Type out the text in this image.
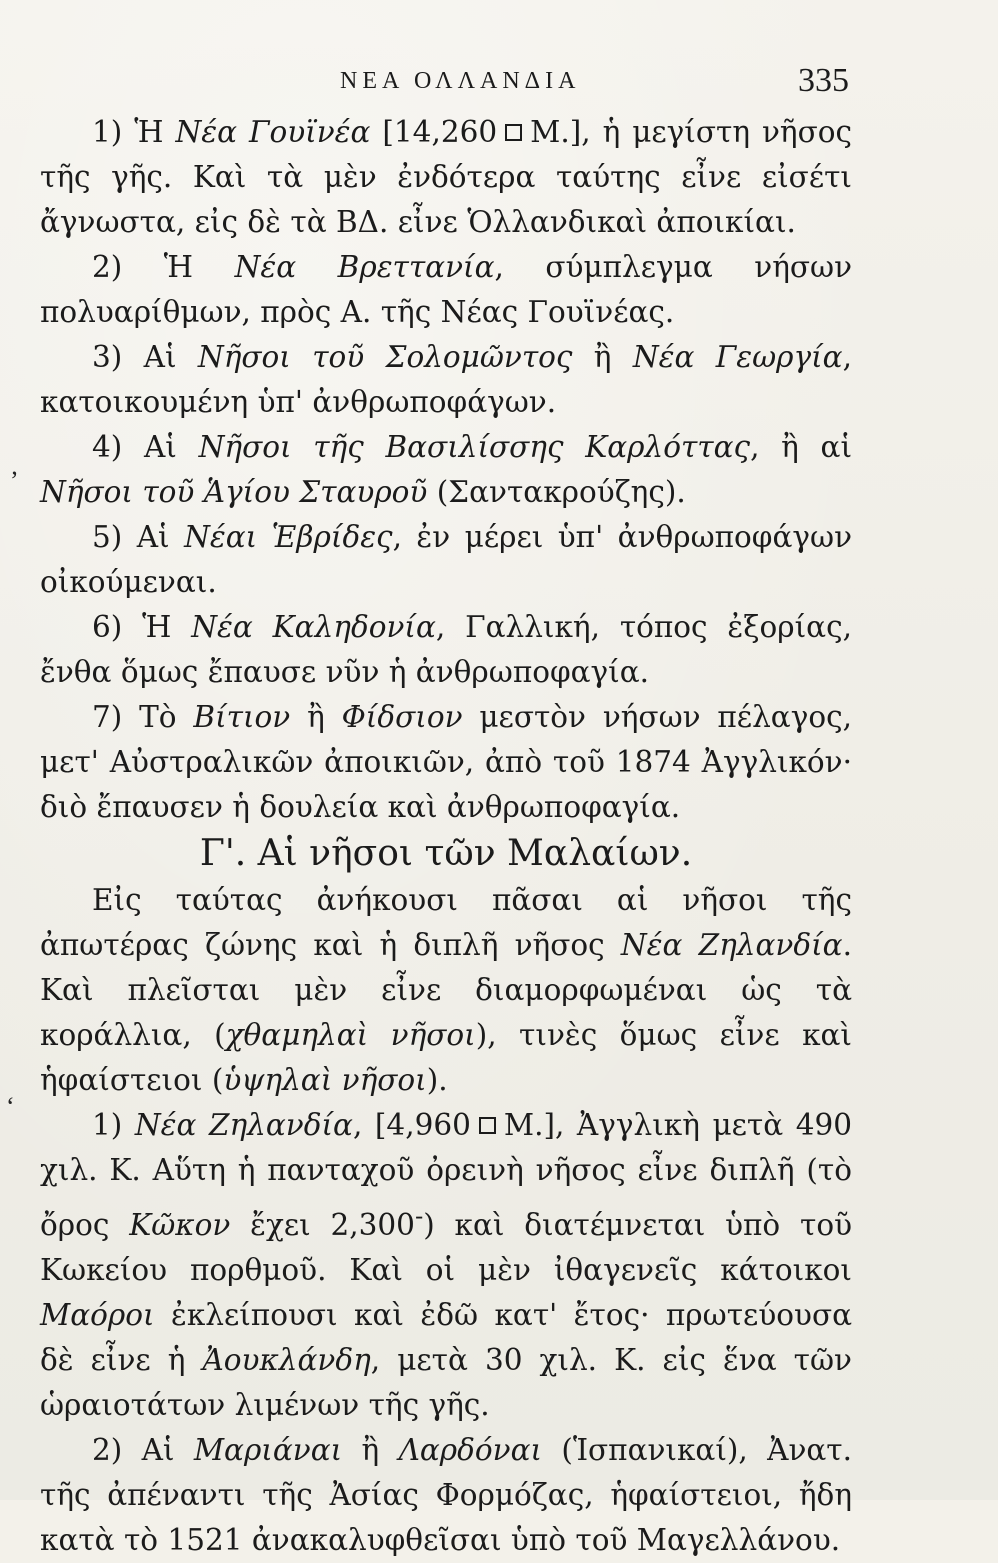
ΝΕΑ ΟΛΛΑΝΔΙΑ	335

1) Ἡ Νέα Γουϊνέα [14,260 Μ.], ἡ μεγίστη νῆσος τῆς γῆς. Καὶ τὰ μὲν ἐνδότερα ταύτης εἶνε εἰσέτι ἄγνωστα, εἰς δὲ τὰ ΒΔ. εἶνε Ὁλλανδικαὶ ἀποικίαι.

2) Ἡ Νέα Βρεττανία, σύμπλεγμα νήσων πολυαρίθμων, πρὸς Α. τῆς Νέας Γουϊνέας.

3) Αἱ Νῆσοι τοῦ Σολομῶντος ἢ Νέα Γεωργία, κατοικουμένη ὑπ' ἀνθρωποφάγων.

4) Αἱ Νῆσοι τῆς Βασιλίσσης Καρλόττας, ἢ αἱ Νῆσοι τοῦ Ἁγίου Σταυροῦ (Σαντακρούζης).

5) Αἱ Νέαι Ἑβρίδες, ἐν μέρει ὑπ' ἀνθρωποφάγων οἰκούμεναι.

6) Ἡ Νέα Καληδονία, Γαλλική, τόπος ἐξορίας, ἔνθα ὅμως ἔπαυσε νῦν ἡ ἀνθρωποφαγία.

7) Τὸ Βίτιον ἢ Φίδσιον μεστὸν νήσων πέλαγος, μετ' Αὐστραλικῶν ἀποικιῶν, ἀπὸ τοῦ 1874 Ἀγγλικόν· διὸ ἔπαυσεν ἡ δουλεία καὶ ἀνθρωποφαγία.

Γ'. Αἱ νῆσοι τῶν Μαλαίων.

Εἰς ταύτας ἀνήκουσι πᾶσαι αἱ νῆσοι τῆς ἀπωτέρας ζώνης καὶ ἡ διπλῆ νῆσος Νέα Ζηλανδία. Καὶ πλεῖσται μὲν εἶνε διαμορφωμέναι ὡς τὰ κοράλλια, (χθαμηλαὶ νῆσοι), τινὲς ὅμως εἶνε καὶ ἡφαίστειοι (ὑψηλαὶ νῆσοι).

1) Νέα Ζηλανδία, [4,960 Μ.], Ἀγγλικὴ μετὰ 490 χιλ. Κ. Αὕτη ἡ πανταχοῦ ὀρεινὴ νῆσος εἶνε διπλῆ (τὸ ὄρος Κῶκον ἔχει 2,300-) καὶ διατέμνεται ὑπὸ τοῦ Κωκείου πορθμοῦ. Καὶ οἱ μὲν ἰθαγενεῖς κάτοικοι Μαόροι ἐκλείπουσι καὶ ἐδῶ κατ' ἔτος· πρωτεύουσα δὲ εἶνε ἡ Ἀουκλάνδη, μετὰ 30 χιλ. Κ. εἰς ἕνα τῶν ὡραιοτάτων λιμένων τῆς γῆς.

2) Αἱ Μαριάναι ἢ Λαρδόναι (Ἱσπανικαί), Ἀνατ. τῆς ἀπέναντι τῆς Ἀσίας Φορμόζας, ἡφαίστειοι, ἤδη κατὰ τὸ 1521 ἀνακαλυφθεῖσαι ὑπὸ τοῦ Μαγελλάνου.

ʻ
ʼ
